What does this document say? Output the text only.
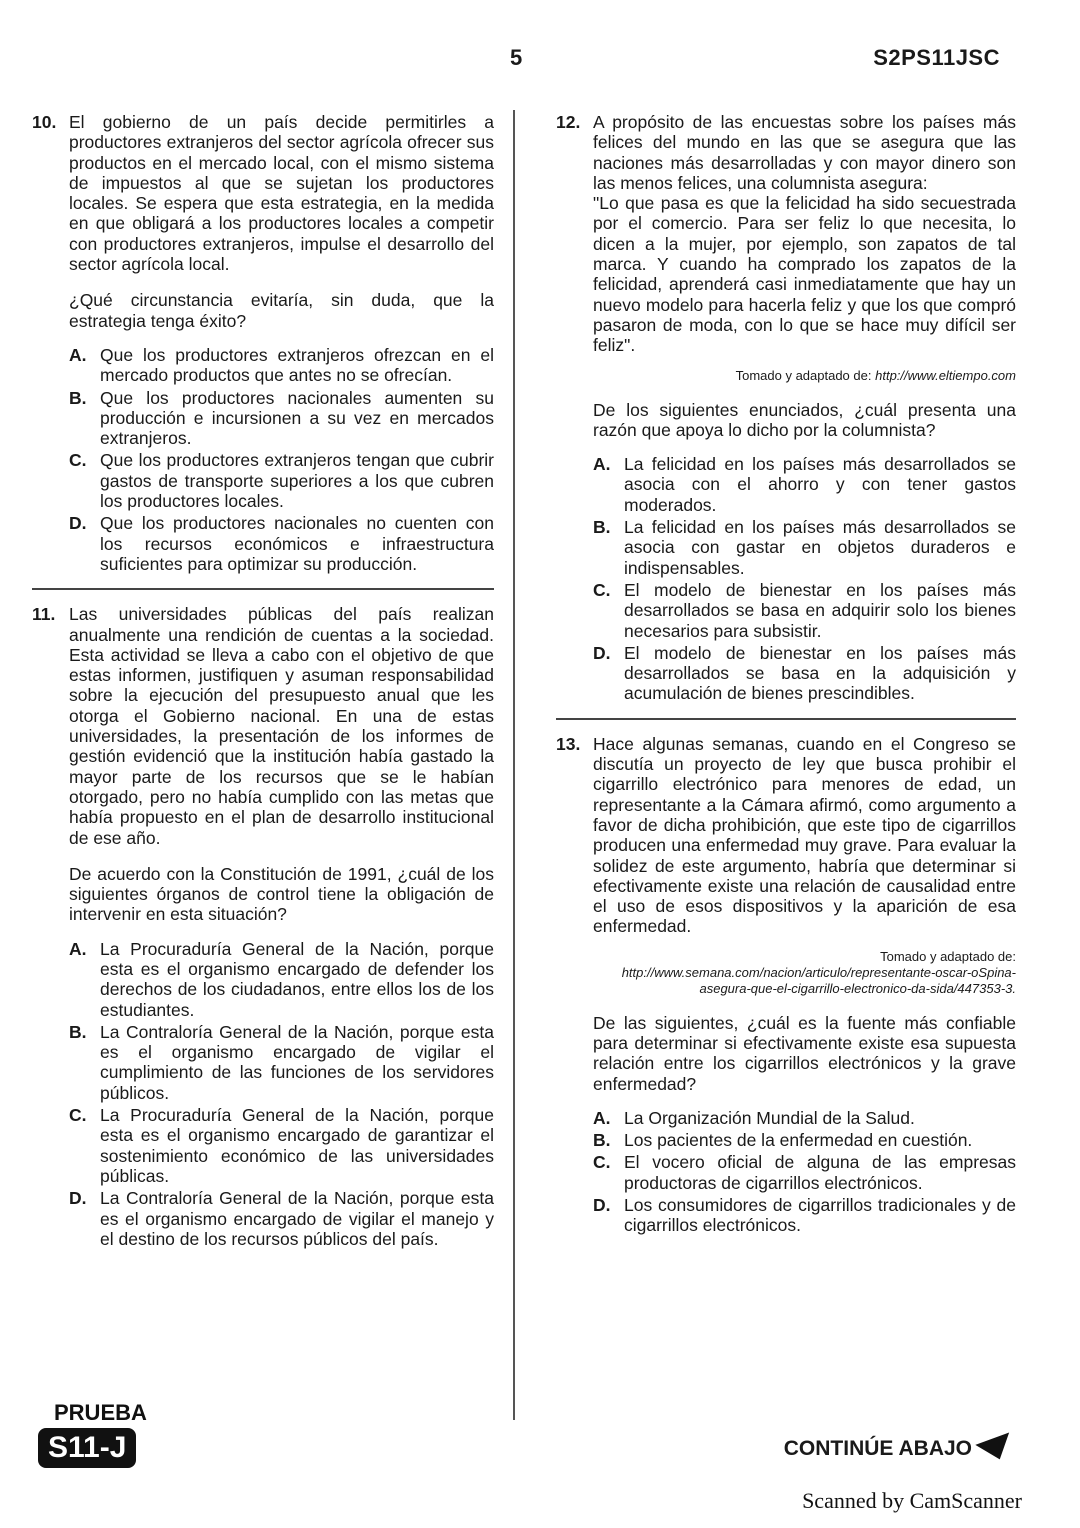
5	S2PS11JSC
10. El gobierno de un país decide permitirles a productores extranjeros del sector agrícola ofrecer sus productos en el mercado local, con el mismo sistema de impuestos al que se sujetan los productores locales. Se espera que esta estrategia, en la medida en que obligará a los productores locales a competir con productores extranjeros, impulse el desarrollo del sector agrícola local.

¿Qué circunstancia evitaría, sin duda, que la estrategia tenga éxito?

A. Que los productores extranjeros ofrezcan en el mercado productos que antes no se ofrecían.
B. Que los productores nacionales aumenten su producción e incursionen a su vez en mercados extranjeros.
C. Que los productores extranjeros tengan que cubrir gastos de transporte superiores a los que cubren los productores locales.
D. Que los productores nacionales no cuenten con los recursos económicos e infraestructura suficientes para optimizar su producción.
11. Las universidades públicas del país realizan anualmente una rendición de cuentas a la sociedad. Esta actividad se lleva a cabo con el objetivo de que estas informen, justifiquen y asuman responsabilidad sobre la ejecución del presupuesto anual que les otorga el Gobierno nacional. En una de estas universidades, la presentación de los informes de gestión evidenció que la institución había gastado la mayor parte de los recursos que se le habían otorgado, pero no había cumplido con las metas que había propuesto en el plan de desarrollo institucional de ese año.

De acuerdo con la Constitución de 1991, ¿cuál de los siguientes órganos de control tiene la obligación de intervenir en esta situación?

A. La Procuraduría General de la Nación, porque esta es el organismo encargado de defender los derechos de los ciudadanos, entre ellos los de los estudiantes.
B. La Contraloría General de la Nación, porque esta es el organismo encargado de vigilar el cumplimiento de las funciones de los servidores públicos.
C. La Procuraduría General de la Nación, porque esta es el organismo encargado de garantizar el sostenimiento económico de las universidades públicas.
D. La Contraloría General de la Nación, porque esta es el organismo encargado de vigilar el manejo y el destino de los recursos públicos del país.
12. A propósito de las encuestas sobre los países más felices del mundo en las que se asegura que las naciones más desarrolladas y con mayor dinero son las menos felices, una columnista asegura:

"Lo que pasa es que la felicidad ha sido secuestrada por el comercio. Para ser feliz lo que necesita, lo dicen a la mujer, por ejemplo, son zapatos de tal marca. Y cuando ha comprado los zapatos de la felicidad, aprenderá casi inmediatamente que hay un nuevo modelo para hacerla feliz y que los que compró pasaron de moda, con lo que se hace muy difícil ser feliz".

Tomado y adaptado de: http://www.eltiempo.com

De los siguientes enunciados, ¿cuál presenta una razón que apoya lo dicho por la columnista?

A. La felicidad en los países más desarrollados se asocia con el ahorro y con tener gastos moderados.
B. La felicidad en los países más desarrollados se asocia con gastar en objetos duraderos e indispensables.
C. El modelo de bienestar en los países más desarrollados se basa en adquirir solo los bienes necesarios para subsistir.
D. El modelo de bienestar en los países más desarrollados se basa en la adquisición y acumulación de bienes prescindibles.
13. Hace algunas semanas, cuando en el Congreso se discutía un proyecto de ley que busca prohibir el cigarrillo electrónico para menores de edad, un representante a la Cámara afirmó, como argumento a favor de dicha prohibición, que este tipo de cigarrillos producen una enfermedad muy grave. Para evaluar la solidez de este argumento, habría que determinar si efectivamente existe una relación de causalidad entre el uso de esos dispositivos y la aparición de esa enfermedad.

Tomado y adaptado de: http://www.semana.com/nacion/articulo/representante-oscar-oSpina-asegura-que-el-cigarrillo-electronico-da-sida/447353-3.

De las siguientes, ¿cuál es la fuente más confiable para determinar si efectivamente existe esa supuesta relación entre los cigarrillos electrónicos y la grave enfermedad?

A. La Organización Mundial de la Salud.
B. Los pacientes de la enfermedad en cuestión.
C. El vocero oficial de alguna de las empresas productoras de cigarrillos electrónicos.
D. Los consumidores de cigarrillos tradicionales y de cigarrillos electrónicos.
PRUEBA
S11-J	CONTINÚE ABAJO
Scanned by CamScanner
